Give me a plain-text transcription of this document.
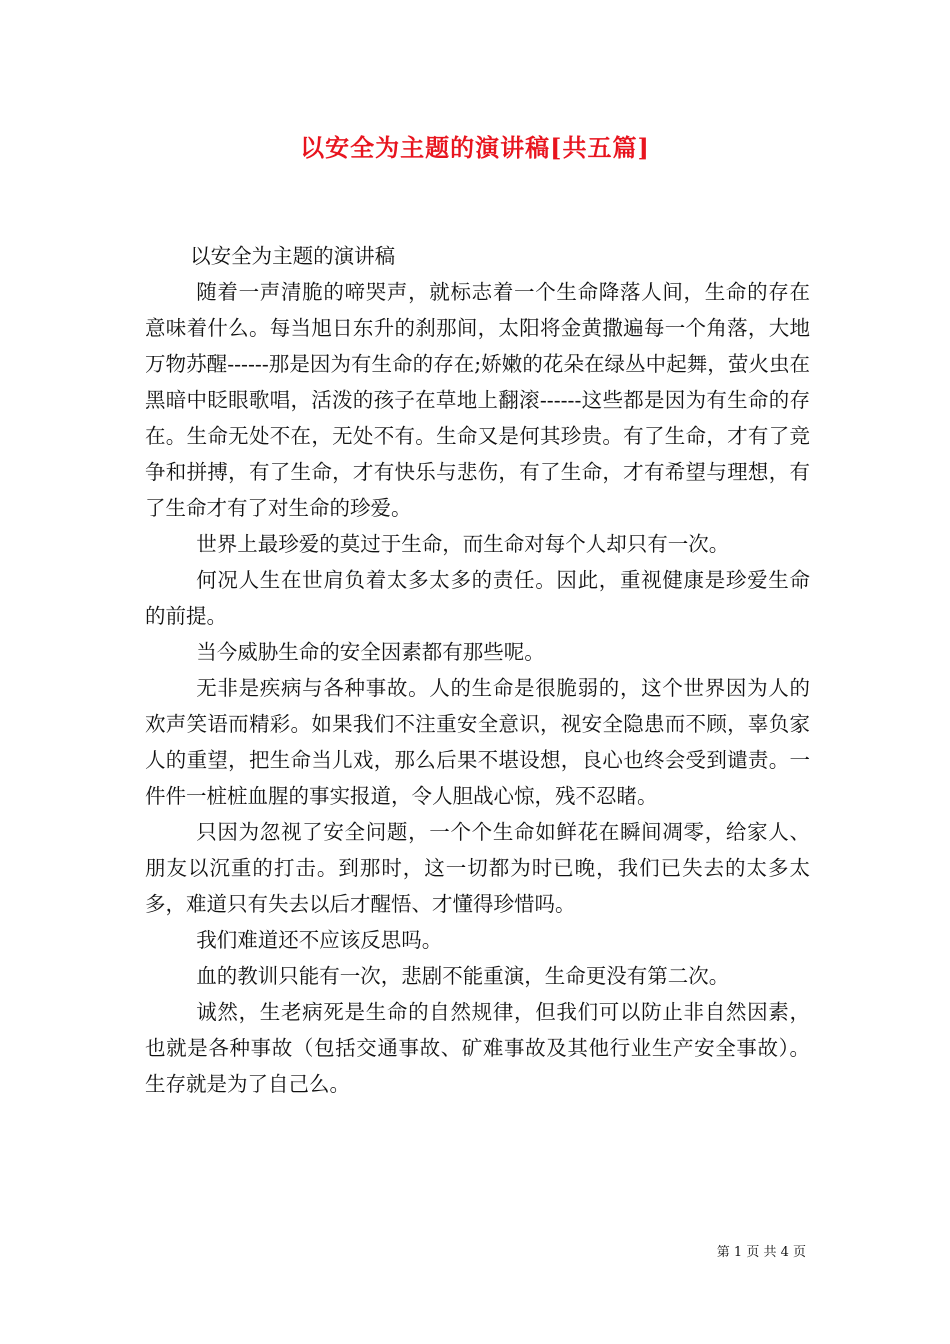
以安全为主题的演讲稿[共五篇]

以安全为主题的演讲稿

随着一声清脆的啼哭声，就标志着一个生命降落人间，生命的存在意味着什么。每当旭日东升的刹那间，太阳将金黄撒遍每一个角落，大地万物苏醒------那是因为有生命的存在;娇嫩的花朵在绿丛中起舞，萤火虫在黑暗中眨眼歌唱，活泼的孩子在草地上翻滚------这些都是因为有生命的存在。生命无处不在，无处不有。生命又是何其珍贵。有了生命，才有了竞争和拼搏，有了生命，才有快乐与悲伤，有了生命，才有希望与理想，有了生命才有了对生命的珍爱。

世界上最珍爱的莫过于生命，而生命对每个人却只有一次。

何况人生在世肩负着太多太多的责任。因此，重视健康是珍爱生命的前提。

当今威胁生命的安全因素都有那些呢。

无非是疾病与各种事故。人的生命是很脆弱的，这个世界因为人的欢声笑语而精彩。如果我们不注重安全意识，视安全隐患而不顾，辜负家人的重望，把生命当儿戏，那么后果不堪设想，良心也终会受到谴责。一件件一桩桩血腥的事实报道，令人胆战心惊，残不忍睹。

只因为忽视了安全问题，一个个生命如鲜花在瞬间凋零，给家人、朋友以沉重的打击。到那时，这一切都为时已晚，我们已失去的太多太多，难道只有失去以后才醒悟、才懂得珍惜吗。

我们难道还不应该反思吗。

血的教训只能有一次，悲剧不能重演，生命更没有第二次。

诚然，生老病死是生命的自然规律，但我们可以防止非自然因素，也就是各种事故（包括交通事故、矿难事故及其他行业生产安全事故）。生存就是为了自己么。

第 1 页 共 4 页
